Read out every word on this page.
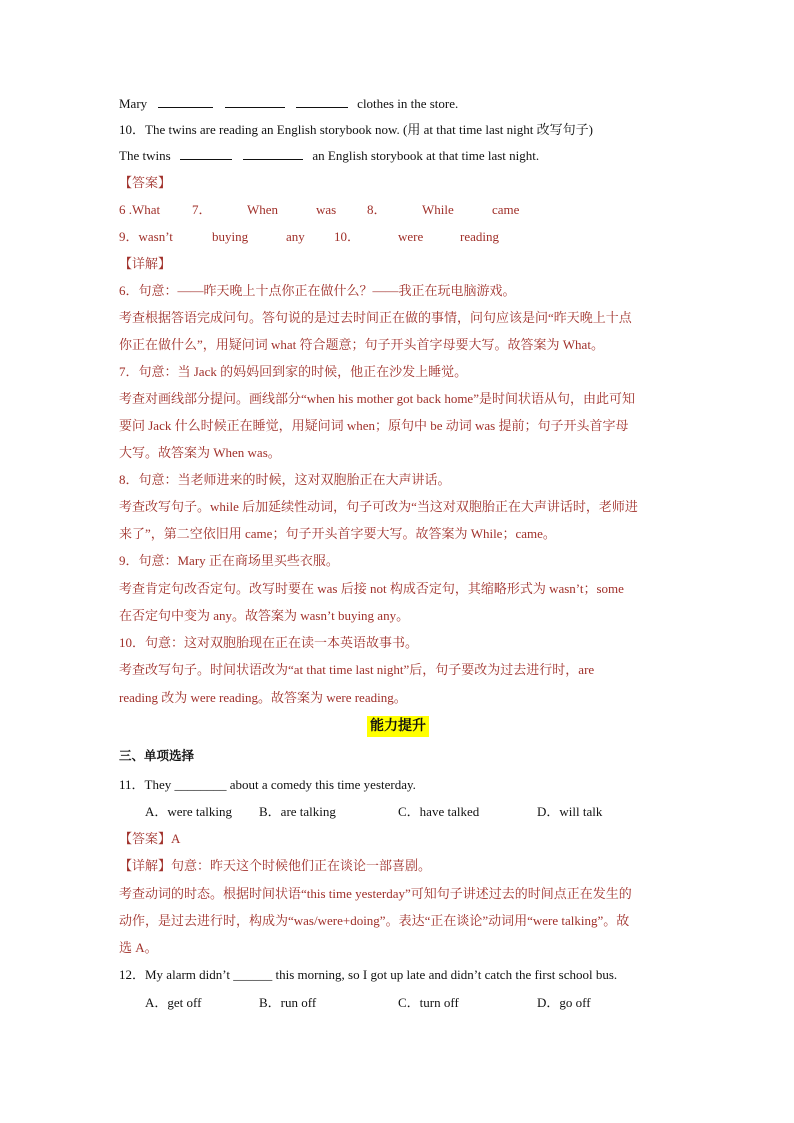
Mary	clothes in the store.
10．The twins are reading an English storybook now. (用 at that time last night 改写句子)
The twins	an English storybook at that time last night.
【答案】
6 .What 7．	When	was 8．	While	came
9．wasn’t	buying	any 10．	were	reading
【详解】
6．句意：——昨天晚上十点你正在做什么？——我正在玩电脑游戏。
考查根据答语完成问句。答句说的是过去时间正在做的事情，问句应该是问“昨天晚上十点
你正在做什么”，用疑问词 what 符合题意；句子开头首字母要大写。故答案为 What。
7．句意：当 Jack 的妈妈回到家的时候，他正在沙发上睡觉。
考查对画线部分提问。画线部分“when his mother got back home”是时间状语从句，由此可知
要问 Jack 什么时候正在睡觉，用疑问词 when；原句中 be 动词 was 提前；句子开头首字母
大写。故答案为 When was。
8．句意：当老师进来的时候，这对双胞胎正在大声讲话。
考查改写句子。while 后加延续性动词，句子可改为“当这对双胞胎正在大声讲话时，老师进
来了”，第二空依旧用 came；句子开头首字要大写。故答案为 While；came。
9．句意：Mary 正在商场里买些衣服。
考查肯定句改否定句。改写时要在 was 后接 not 构成否定句，其缩略形式为 wasn’t；some
在否定句中变为 any。故答案为 wasn’t buying any。
10．句意：这对双胞胎现在正在读一本英语故事书。
考查改写句子。时间状语改为“at that time last night”后，句子要改为过去进行时，are
reading 改为 were reading。故答案为 were reading。
能力提升
三、单项选择
11．They ________ about a comedy this time yesterday.
A．were talking B．are talking	C．have talked	D．will talk
【答案】A
【详解】句意：昨天这个时候他们正在谈论一部喜剧。
考查动词的时态。根据时间状语“this time yesterday”可知句子讲述过去的时间点正在发生的
动作，是过去进行时，构成为“was/were+doing”。表达“正在谈论”动词用“were talking”。故
选 A。
12．My alarm didn’t ______ this morning, so I got up late and didn’t catch the first school bus.
A．get off	B．run off	C．turn off	D．go off
